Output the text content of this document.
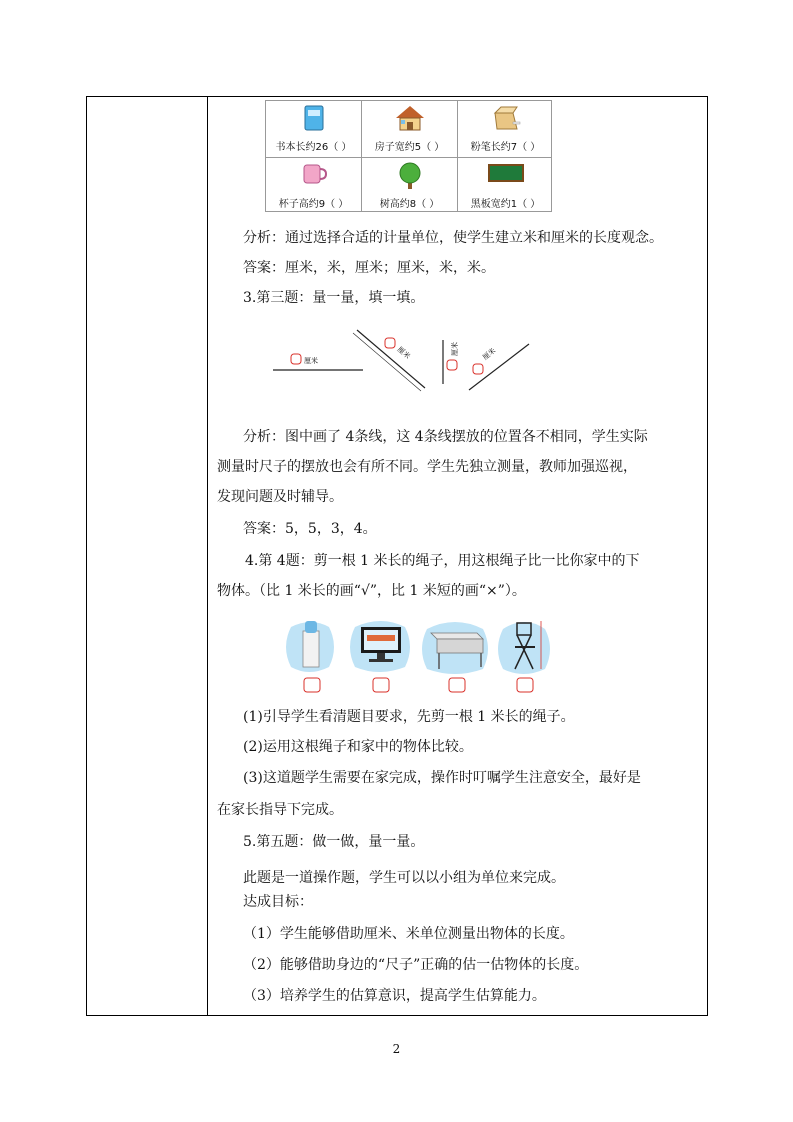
书本长约26（ ）	房子宽约5（ ）	粉笔长约7（ ）
杯子高约9（ ）	树高约8（ ）	黑板宽约1（ ）
分析：通过选择合适的计量单位，使学生建立米和厘米的长度观念。
答案：厘米，米，厘米；厘米，米，米。
3.第三题：量一量，填一填。
厘米
厘米	厘米	厘米
分析：图中画了 4条线，这 4条线摆放的位置各不相同，学生实际
测量时尺子的摆放也会有所不同。学生先独立测量，教师加强巡视，
发现问题及时辅导。
答案：5，5，3，4。
4.第 4题：剪一根 1 米长的绳子，用这根绳子比一比你家中的下
物体。（比 1 米长的画“√”，比 1 米短的画“×”）。
(1)引导学生看清题目要求，先剪一根 1 米长的绳子。
(2)运用这根绳子和家中的物体比较。
(3)这道题学生需要在家完成，操作时叮嘱学生注意安全，最好是
在家长指导下完成。
5.第五题：做一做，量一量。
此题是一道操作题，学生可以以小组为单位来完成。
达成目标：
（1）学生能够借助厘米、米单位测量出物体的长度。
（2）能够借助身边的“尺子”正确的估一估物体的长度。
（3）培养学生的估算意识，提高学生估算能力。
2
